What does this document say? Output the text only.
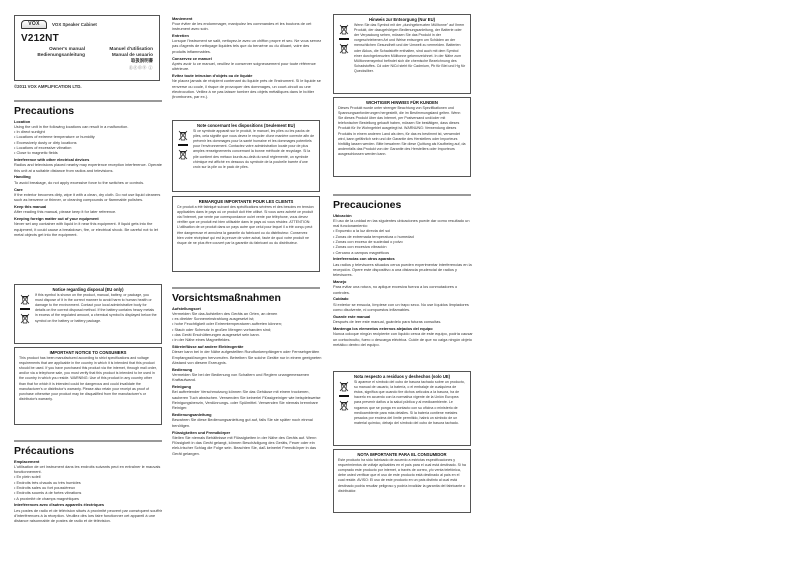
VOX	VOX Speaker Cabinet
V212NT
Owner's manual	Manuel d'utilisation
Bedienungsanleitung	Manual de usuario
取扱説明書
ⒺⒻⒼⓈ ⓙ
©2011 VOX AMPLIFICATION LTD.
Precautions

Location

Using the unit in the following locations can result in a malfunction.

• In direct sunlight
• Locations of extreme temperature or humidity
• Excessively dusty or dirty locations
• Locations of excessive vibration
• Close to magnetic fields

Interference with other electrical devices

Radios and televisions placed nearby may experience reception interference. Operate this unit at a suitable distance from radios and televisions.

Handling

To avoid breakage, do not apply excessive force to the switches or controls.

Care

If the exterior becomes dirty, wipe it with a clean, dry cloth. Do not use liquid cleaners such as benzene or thinner, or cleaning compounds or flammable polishes.

Keep this manual

After reading this manual, please keep it for later reference.

Keeping foreign matter out of your equipment

Never set any container with liquid in it near this equipment. If liquid gets into the equipment, it could cause a breakdown, fire, or electrical shock. Be careful not to let metal objects get into the equipment.

Notice regarding disposal (EU only)
If this symbol is shown on the product, manual, battery, or package, you must dispose of it in the correct manner to avoid harm to human health or damage to the environment. Contact your local administrative body for details on the correct disposal method. If the battery contains heavy metals in excess of the regulated amount, a chemical symbol is displayed below the symbol on the battery or battery package.
IMPORTANT NOTICE TO CONSUMERS
This product has been manufactured according to strict specifications and voltage requirements that are applicable in the country in which it is intended that this product should be used. If you have purchased this product via the internet, through mail order, and/or via a telephone sale, you must verify that this product is intended to be used in the country in which you reside. WARNING: Use of this product in any country other than that for which it is intended could be dangerous and could invalidate the manufacturer's or distributor's warranty. Please also retain your receipt as proof of purchase otherwise your product may be disqualified from the manufacturer's or distributor's warranty.
Précautions

Emplacement

L'utilisation de cet instrument dans les endroits suivants peut en entraîner le mauvais fonctionnement.

• En plein soleil
• Endroits très chauds ou très humides
• Endroits sales ou fort poussiéreux
• Endroits soumis à de fortes vibrations
• A proximité de champs magnétiques

Interférences avec d'autres appareils électriques

Les postes de radio et de télévision situés à proximité peuvent par conséquent souffrir d'interférences à la réception. Veuillez dès lors faire fonctionner cet appareil à une distance raisonnable de postes de radio et de télévision.

Maniement

Pour éviter de les endommager, manipulez les commandes et les boutons de cet instrument avec soin.

Entretien

Lorsque l'instrument se salit, nettoyez-le avec un chiffon propre et sec. Ne vous servez pas d'agents de nettoyage liquides tels que du benzène ou du diluant, voire des produits inflammables.

Conservez ce manuel

Après avoir lu ce manuel, veuillez le conserver soigneusement pour toute référence ultérieure.

Evitez toute intrusion d'objets ou de liquide

Ne placez jamais de récipient contenant du liquide près de l'instrument. Si le liquide se renverse ou coule, il risque de provoquer des dommages, un court-circuit ou une électrocution. Veillez à ne pas laisser tomber des objets métalliques dans le boîtier (trombones, par ex.).

Note concernant les dispositions (Seulement EU)
Si ce symbole apparait sur le produit, le manuel, les piles ou les packs de piles, cela signifie que vous devez le recycler d'une manière correcte afin de prévenir les dommages pour la santé humaine et les dommages potentiels pour l'environnement. Contactez votre administration locale pour de plus amples renseignements concernant la bonne méthode de recyclage. Si la pile contient des métaux lourds au-delà du seuil réglementé, un symbole chimique est affiché en dessous du symbole de la poubelle barrée d'une croix sur la pile ou le pack de piles.
REMARQUE IMPORTANTE POUR LES CLIENTS
Ce produit a été fabriqué suivant des spécifications sévères et des besoins en tension applicables dans le pays où ce produit doit être utilisé. Si vous avez acheté ce produit via l'internet, par vente par correspondance ou/et vente par téléphone, vous devez vérifier que ce produit est bien utilisable dans le pays où vous résidez. ATTENTION: L'utilisation de ce produit dans un pays autre que celui pour lequel il a été conçu peut être dangereuse et annulera la garantie du fabricant ou du distributeur. Conservez bien votre récépissé qui est la preuve de votre achat, faute de quoi votre produit ne risque de ne plus être couvert par la garantie du fabricant ou du distributeur.
Vorsichtsmaßnahmen

Aufstellungsort

Vermeiden Sie das Aufstellen des Geräts an Orten, an denen

• es direkter Sonneneinstrahlung ausgesetzt ist;
• hohe Feuchtigkeit oder Extremtemperaturen auftreten können;
• Staub oder Schmutz in großen Mengen vorhanden sind;
• das Gerät Erschütterungen ausgesetzt sein kann.
• in der Nähe eines Magnetfeldes.

Störeinflüsse auf andere Elektrogeräte

Dieser kann bei in der Nähe aufgestellten Rundfunkempfängern oder Fernsehgeräten Empfangsstörungen hervorrufen. Betreiben Sie solche Geräte nur in einem geeigneten Abstand von diesem Erzeugnis.

Bedienung

Vermeiden Sie bei der Bedienung von Schaltern und Reglern unangemessenen Kraftaufwand.

Reinigung

Bei auftretender Verschmutzung können Sie das Gehäuse mit einem trockenen, sauberen Tuch abwischen. Verwenden Sie keinerlei Flüssigreiniger wie beispielsweise Reinigungsbenzin, Verdünnungs- oder Spülmittel. Verwenden Sie niemals brennbare Reiniger.

Bedienungsanleitung

Bewahren Sie diese Bedienungsanleitung gut auf, falls Sie sie später noch einmal benötigen.

Flüssigkeiten und Fremdkörper

Stellen Sie niemals Behältnisse mit Flüssigkeiten in der Nähe des Geräts auf. Wenn Flüssigkeit in das Gerät gelangt, können Beschädigung des Geräts, Feuer oder ein elek-trischer Schlag die Folge sein. Beachten Sie, daß keinerlei Fremdkörper in das Gerät gelangen.

Hinweis zur Entsorgung (Nur EU)
Wenn Sie das Symbol mit der „durchgekreuzten Mülltonne" auf Ihrem Produkt, der dazugehörigen Bedienungsanleitung, der Batterie oder der Verpackung sehen, müssen Sie das Produkt in der vorgeschriebenen Art und Weise entsorgen um Schäden an der menschlichen Gesundheit und der Umwelt zu vermeiden. Batterien oder Akkus, die Schadstoffe enthalten, sind auch mit dem Symbol einer durchgekreuzten Mülltonne gekennzeichnet. In der Nähe zum Mülltonnensymbol befindet sich die chemische Bezeichnung des Schadstoffes. Cd oder NiCd steht für Cadmium, Pb für Blei und Hg für Quecksilber.
WICHTIGER HINWEIS FÜR KUNDEN
Dieses Produkt wurde unter strenger Beachtung von Spezifikationen und Spannungsanforderungen hergestellt, die im Bestimmungsland gelten. Wenn Sie dieses Produkt über das Internet, per Postversand und/oder mit telefonischer Bestellung gekauft haben, müssen Sie bestätigen, dass dieses Produkt für Ihr Wohngebiet ausgelegt ist. WARNUNG: Verwendung dieses Produkts in einem anderen Land als dem, für das es bestimmt ist, verwendet wird, kann gefährlich sein und die Garantie des Herstellers oder Importeurs hinfällig lassen werden. Bitte bewahren Sie diese Quittung als Kaufbeleg auf, da andernfalls das Produkt von der Garantie des Herstellers oder Importeurs ausgeschlossen werden kann.
Precauciones

Ubicación

El uso de la unidad en las siguientes ubicaciones puede dar como resultado un mal funcionamiento:

• Expuesto a la luz directa del sol
• Zonas de extremada temperatura o humedad
• Zonas con exceso de suciedad o polvo
• Zonas con excesiva vibración
• Cercano a campos magnéticos

Interferencias con otros aparatos

Las radios y televisores situados cerca pueden experimentar interferencias en la recepción. Opere este dispositivo a una distancia prudencial de radios y televisores.

Manejo

Para evitar una rotura, no aplique excesiva fuerza a los conmutadores o controles.

Cuidado

Si exterior se ensucia, límpiese con un trapo seco. No use líquidos limpiadores como disolvente, ni compuestos inflamables.

Guarde este manual

Después de leer este manual, guárdelo para futuras consultas.

Mantenga los elementos externos alejados del equipo

Nunca coloque ningún recipiente con líquido cerca de este equipo, podría causar un cortocircuito, fuero o descarga eléctrica. Cuide de que no caiga ningún objeto metálico dentro del equipo.

Nota respecto a residuos y deshechos (solo UE)
Si aparece el símbolo del cubo de basura tachado sobre un producto, su manual de usuario, la batería, o el embalaje de cualquiera de éstos, significa que cuando tire dichos artículos a la basura, ha de hacerlo en acuerdo con la normativa vigente de la Unión Europea para prevenir daños a la salud pública y al medioambiente. Le rogamos que se ponga en contacto con su oficina o ministerio de medioambiente para más detalles. Si la batería contiene metales pesados por encima del límite permitido, habrá un símbolo de un material químico, debajo del símbolo del cubo de basura tachado.
NOTA IMPORTANTE PARA EL CONSUMIDOR
Este producto ha sido fabricado de acuerdo a estrictas especificaciones y requerimientos de voltaje aplicables en el país para el cual está destinado. Si ha comprado este producto por internet, a través de correo, y/o venta telefónica, debe usted verificar que el uso de este producto está destinado al país en el cual reside. AVISO: El uso de este producto en un país distinto al cual está destinado podría resultar peligroso y podría invalidar la garantía del fabricante o distribuidor.
